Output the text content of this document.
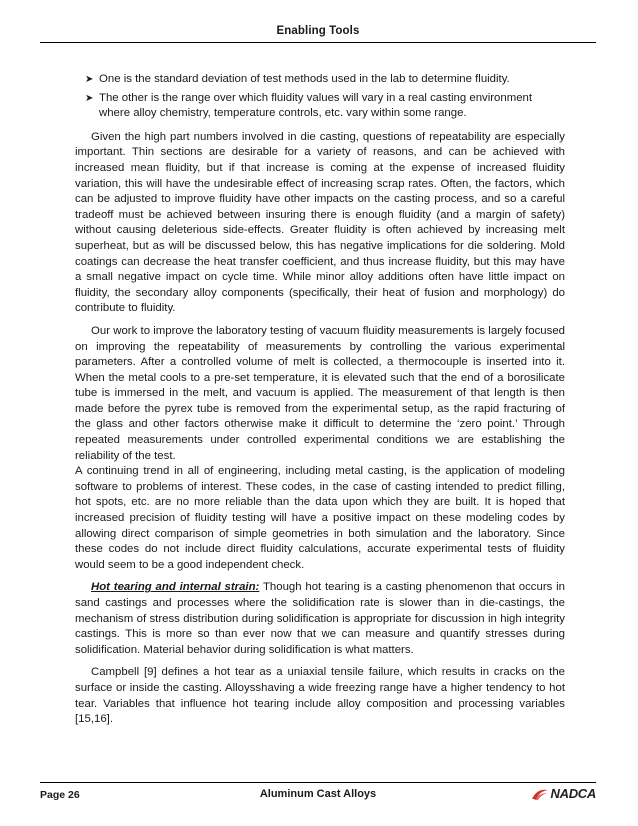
Enabling Tools
➤ One is the standard deviation of test methods used in the lab to determine fluidity.
➤ The other is the range over which fluidity values will vary in a real casting environment where alloy chemistry, temperature controls, etc. vary within some range.

Given the high part numbers involved in die casting, questions of repeatability are especially important. Thin sections are desirable for a variety of reasons, and can be achieved with increased mean fluidity, but if that increase is coming at the expense of increased fluidity variation, this will have the undesirable effect of increasing scrap rates. Often, the factors, which can be adjusted to improve fluidity have other impacts on the casting process, and so a careful tradeoff must be achieved between insuring there is enough fluidity (and a margin of safety) without causing deleterious side-effects. Greater fluidity is often achieved by increasing melt superheat, but as will be discussed below, this has negative implications for die soldering. Mold coatings can decrease the heat transfer coefficient, and thus increase fluidity, but this may have a small negative impact on cycle time. While minor alloy additions often have little impact on fluidity, the secondary alloy components (specifically, their heat of fusion and morphology) do contribute to fluidity.

Our work to improve the laboratory testing of vacuum fluidity measurements is largely focused on improving the repeatability of measurements by controlling the various experimental parameters. After a controlled volume of melt is collected, a thermocouple is inserted into it. When the metal cools to a pre-set temperature, it is elevated such that the end of a borosilicate tube is immersed in the melt, and vacuum is applied. The measurement of that length is then made before the pyrex tube is removed from the experimental setup, as the rapid fracturing of the glass and other factors otherwise make it difficult to determine the ‘zero point.’ Through repeated measurements under controlled experimental conditions we are establishing the reliability of the test.

A continuing trend in all of engineering, including metal casting, is the application of modeling software to problems of interest. These codes, in the case of casting intended to predict filling, hot spots, etc. are no more reliable than the data upon which they are built. It is hoped that increased precision of fluidity testing will have a positive impact on these modeling codes by allowing direct comparison of simple geometries in both simulation and the laboratory. Since these codes do not include direct fluidity calculations, accurate experimental tests of fluidity would seem to be a good independent check.

Hot tearing and internal strain: Though hot tearing is a casting phenomenon that occurs in sand castings and processes where the solidification rate is slower than in die-castings, the mechanism of stress distribution during solidification is appropriate for discussion in high integrity castings. This is more so than ever now that we can measure and quantify stresses during solidification. Material behavior during solidification is what matters.

Campbell [9] defines a hot tear as a uniaxial tensile failure, which results in cracks on the surface or inside the casting. Alloysshaving a wide freezing range have a higher tendency to hot tear. Variables that influence hot tearing include alloy composition and processing variables [15,16].

Page 26	Aluminum Cast Alloys	NADCA
